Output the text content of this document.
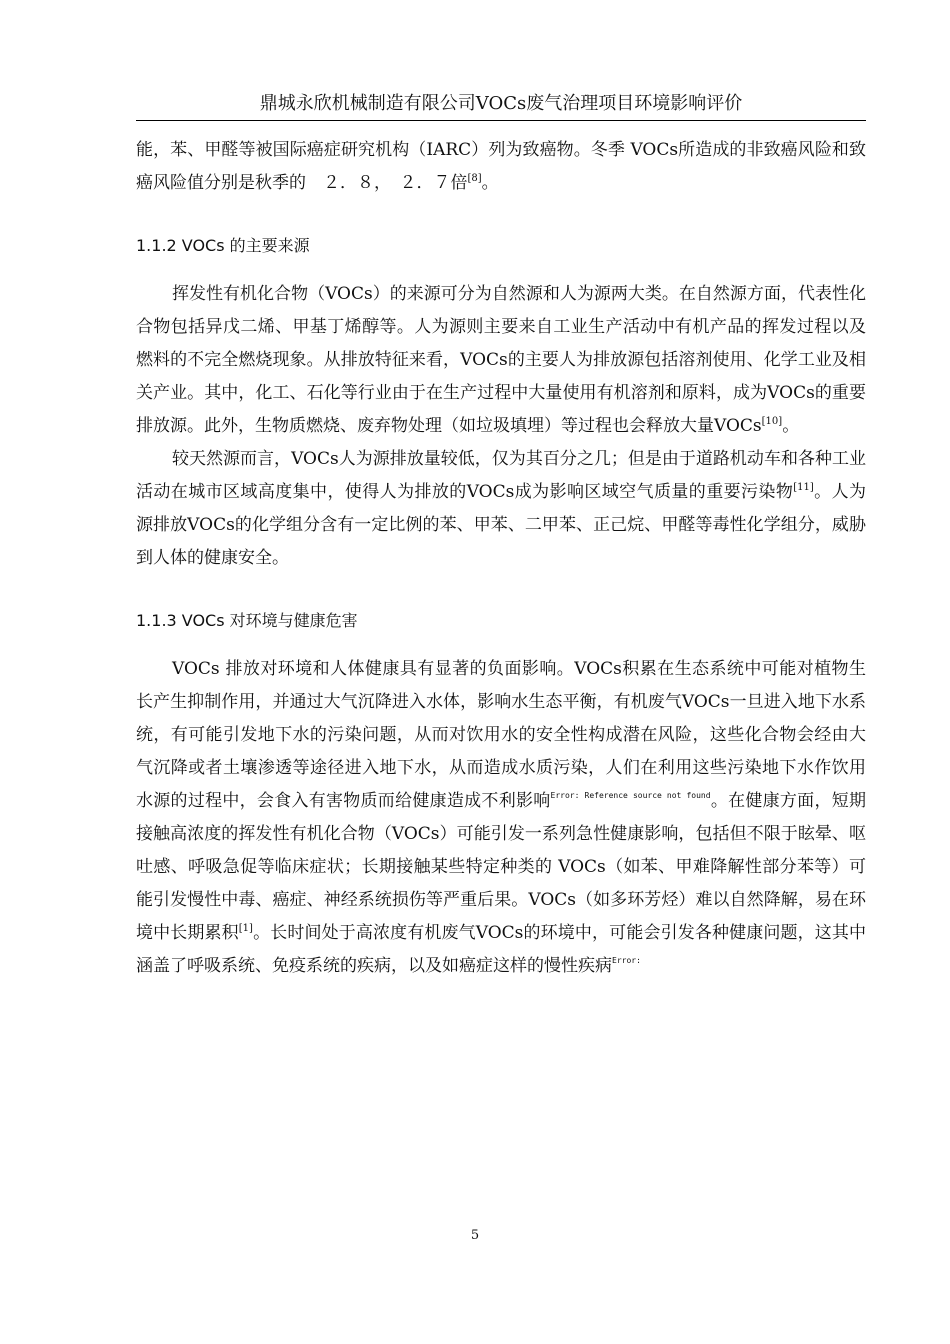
鼎城永欣机械制造有限公司VOCs废气治理项目环境影响评价

能，苯、甲醛等被国际癌症研究机构（IARC）列为致癌物。冬季 VOCs所造成的非致癌风险和致癌风险值分别是秋季的　２．８，　２．７倍[8]。

1.1.2 VOCs 的主要来源

挥发性有机化合物（VOCs）的来源可分为自然源和人为源两大类。在自然源方面，代表性化合物包括异戊二烯、甲基丁烯醇等。人为源则主要来自工业生产活动中有机产品的挥发过程以及燃料的不完全燃烧现象。从排放特征来看，VOCs的主要人为排放源包括溶剂使用、化学工业及相关产业。其中，化工、石化等行业由于在生产过程中大量使用有机溶剂和原料，成为VOCs的重要排放源。此外，生物质燃烧、废弃物处理（如垃圾填埋）等过程也会释放大量VOCs[10]。

较天然源而言，VOCs人为源排放量较低，仅为其百分之几；但是由于道路机动车和各种工业活动在城市区域高度集中，使得人为排放的VOCs成为影响区域空气质量的重要污染物[11]。人为源排放VOCs的化学组分含有一定比例的苯、甲苯、二甲苯、正己烷、甲醛等毒性化学组分，威胁到人体的健康安全。

1.1.3 VOCs 对环境与健康危害

VOCs 排放对环境和人体健康具有显著的负面影响。VOCs积累在生态系统中可能对植物生长产生抑制作用，并通过大气沉降进入水体，影响水生态平衡，有机废气VOCs一旦进入地下水系统，有可能引发地下水的污染问题，从而对饮用水的安全性构成潜在风险，这些化合物会经由大气沉降或者土壤渗透等途径进入地下水，从而造成水质污染，人们在利用这些污染地下水作饮用水源的过程中，会食入有害物质而给健康造成不利影响$^{Error: Reference source not found}$。在健康方面，短期接触高浓度的挥发性有机化合物（VOCs）可能引发一系列急性健康影响，包括但不限于眩晕、呕吐感、呼吸急促等临床症状；长期接触某些特定种类的 VOCs（如苯、甲难降解性部分苯等）可能引发慢性中毒、癌症、神经系统损伤等严重后果。VOCs（如多环芳烃）难以自然降解，易在环境中长期累积[1]。长时间处于高浓度有机废气VOCs的环境中，可能会引发各种健康问题，这其中涵盖了呼吸系统、免疫系统的疾病，以及如癌症这样的慢性疾病$^{Error:}$

5
